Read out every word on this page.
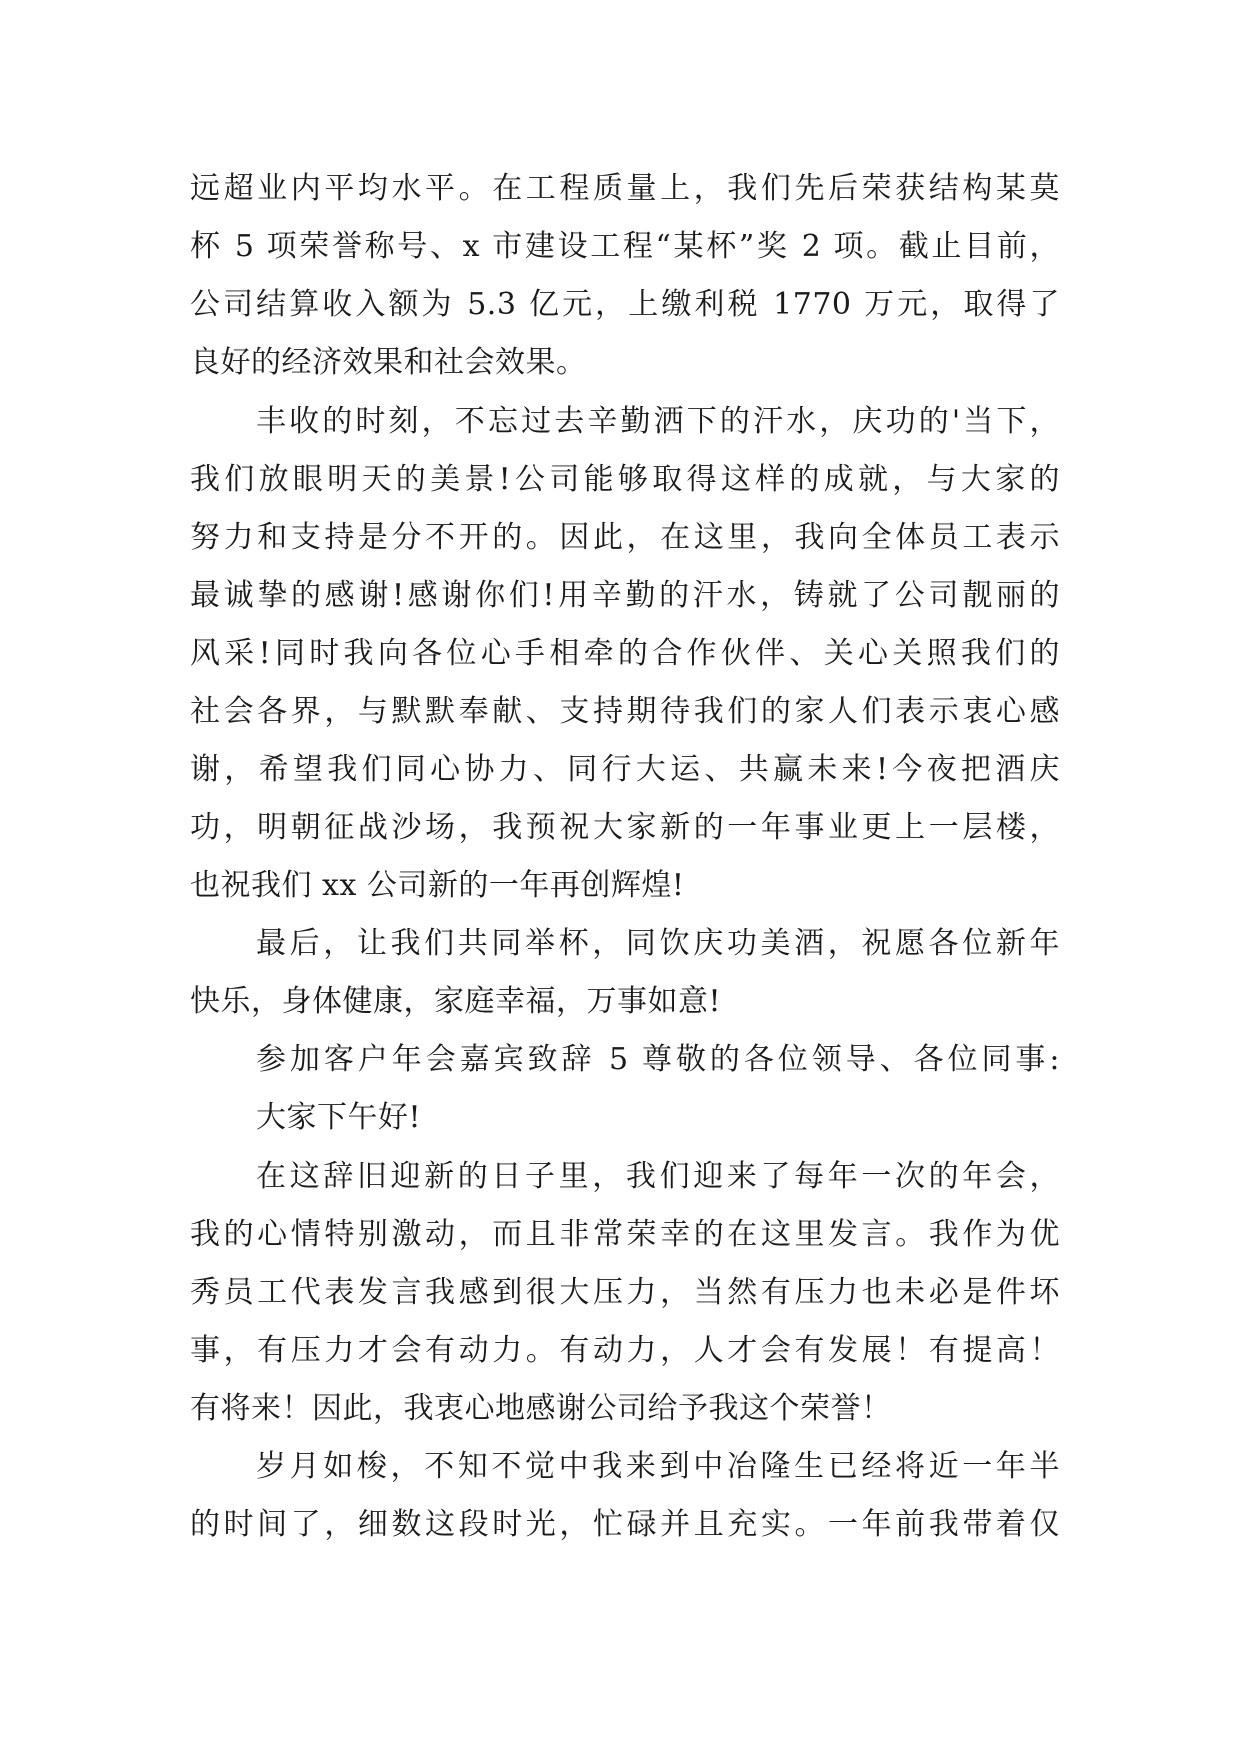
远超业内平均水平。在工程质量上，我们先后荣获结构某莫
杯 5 项荣誉称号、x 市建设工程“某杯”奖 2 项。截止目前，
公司结算收入额为 5.3 亿元，上缴利税 1770 万元，取得了
良好的经济效果和社会效果。
丰收的时刻，不忘过去辛勤洒下的汗水，庆功的'当下，
我们放眼明天的美景!公司能够取得这样的成就，与大家的
努力和支持是分不开的。因此，在这里，我向全体员工表示
最诚挚的感谢!感谢你们!用辛勤的汗水，铸就了公司靓丽的
风采!同时我向各位心手相牵的合作伙伴、关心关照我们的
社会各界，与默默奉献、支持期待我们的家人们表示衷心感
谢，希望我们同心协力、同行大运、共赢未来!今夜把酒庆
功，明朝征战沙场，我预祝大家新的一年事业更上一层楼，
也祝我们 xx 公司新的一年再创辉煌!
最后，让我们共同举杯，同饮庆功美酒，祝愿各位新年
快乐，身体健康，家庭幸福，万事如意!
参加客户年会嘉宾致辞 5 尊敬的各位领导、各位同事:
大家下午好!
在这辞旧迎新的日子里，我们迎来了每年一次的年会，
我的心情特别激动，而且非常荣幸的在这里发言。我作为优
秀员工代表发言我感到很大压力，当然有压力也未必是件坏
事，有压力才会有动力。有动力，人才会有发展！有提高！
有将来！因此，我衷心地感谢公司给予我这个荣誉！
岁月如梭，不知不觉中我来到中冶隆生已经将近一年半
的时间了，细数这段时光，忙碌并且充实。一年前我带着仅
